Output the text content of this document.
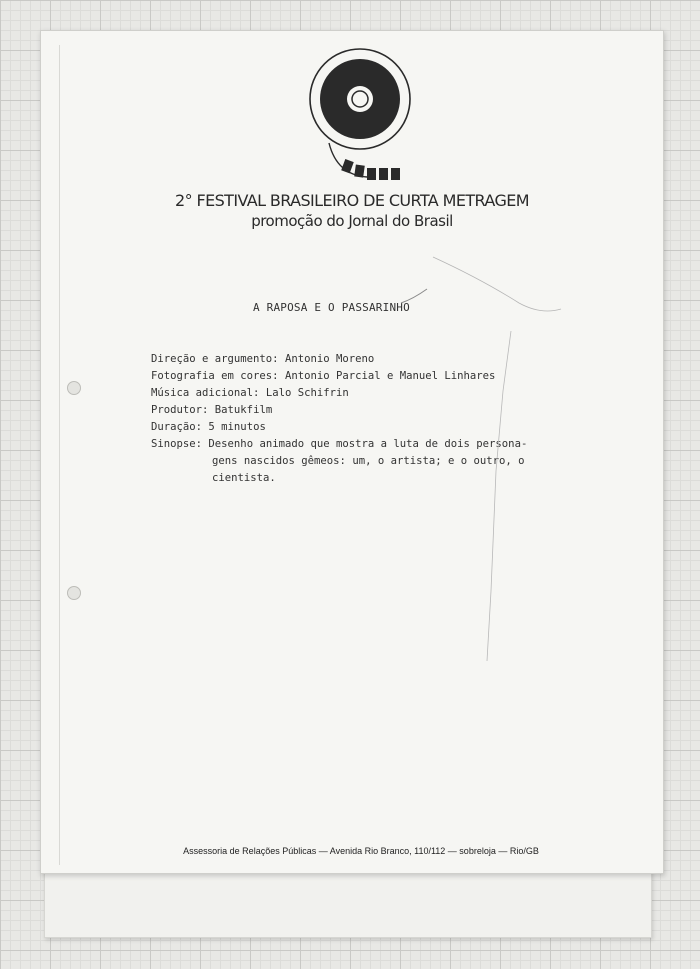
2° FESTIVAL BRASILEIRO DE CURTA METRAGEM
promoção do Jornal do Brasil
A RAPOSA E O PASSARINHO
Direção e argumento: Antonio Moreno
Fotografia em cores: Antonio Parcial e Manuel Linhares
Música adicional: Lalo Schifrin
Produtor: Batukfilm
Duração: 5 minutos
Sinopse: Desenho animado que mostra a luta de dois persona-
gens nascidos gêmeos: um, o artista; e o outro, o
cientista.
Assessoria de Relações Públicas — Avenida Rio Branco, 110/112 — sobreloja — Rio/GB
